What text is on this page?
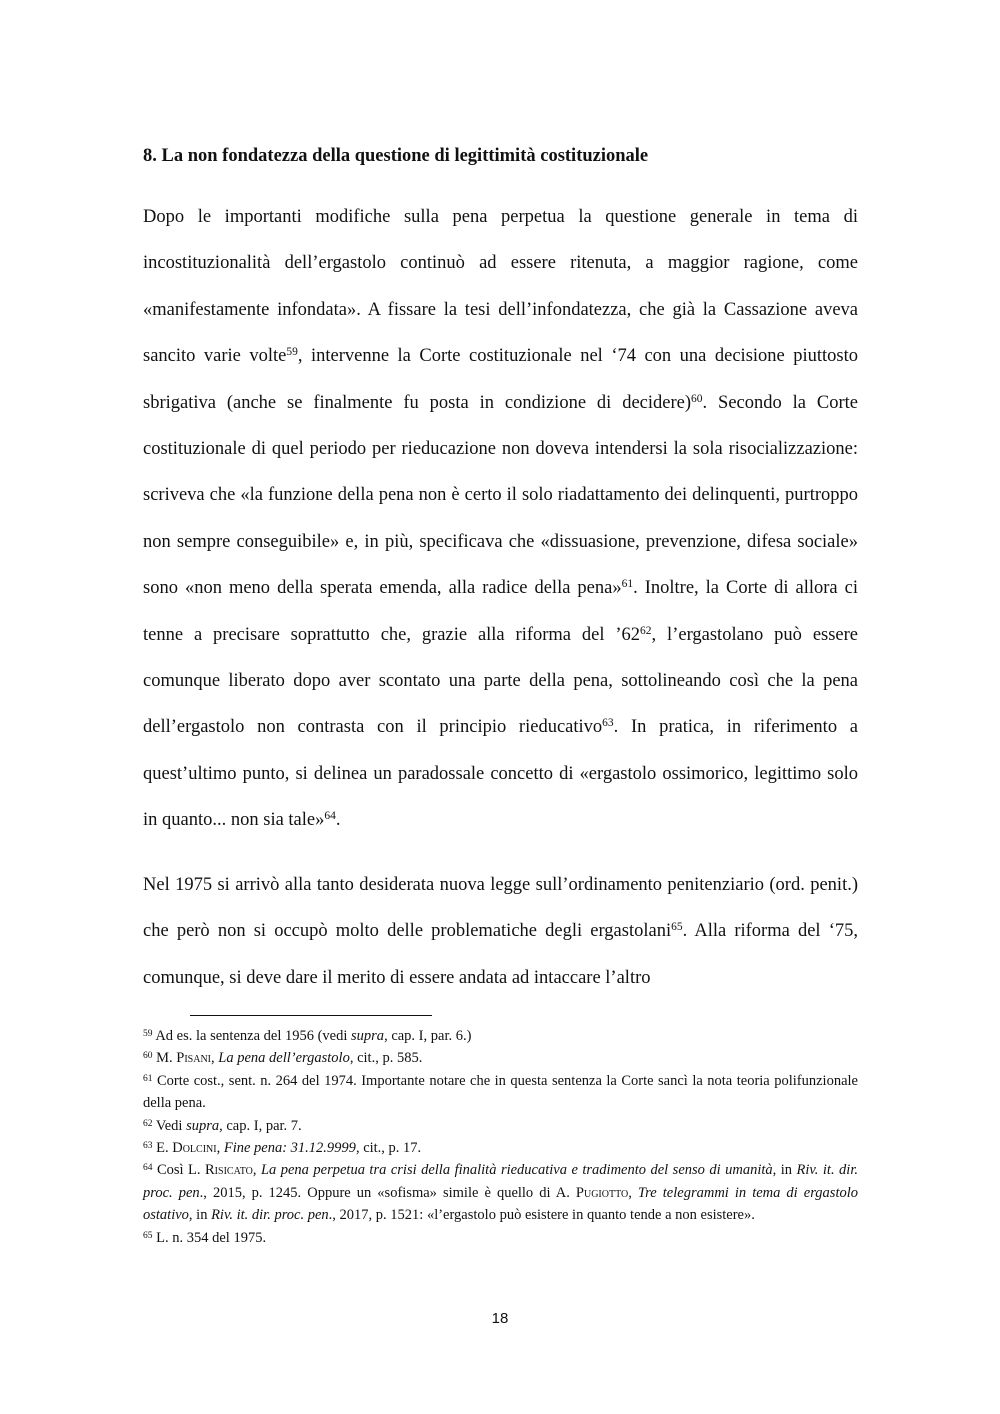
8. La non fondatezza della questione di legittimità costituzionale

Dopo le importanti modifiche sulla pena perpetua la questione generale in tema di incostituzionalità dell’ergastolo continuò ad essere ritenuta, a maggior ragione, come «manifestamente infondata». A fissare la tesi dell’infondatezza, che già la Cassazione aveva sancito varie volte$^{59}$, intervenne la Corte costituzionale nel ‘74 con una decisione piuttosto sbrigativa (anche se finalmente fu posta in condizione di decidere)$^{60}$. Secondo la Corte costituzionale di quel periodo per rieducazione non doveva intendersi la sola risocializzazione: scriveva che «la funzione della pena non è certo il solo riadattamento dei delinquenti, purtroppo non sempre conseguibile» e, in più, specificava che «dissuasione, prevenzione, difesa sociale» sono «non meno della sperata emenda, alla radice della pena»$^{61}$. Inoltre, la Corte di allora ci tenne a precisare soprattutto che, grazie alla riforma del $’62^{62}$, l’ergastolano può essere comunque liberato dopo aver scontato una parte della pena, sottolineando così che la pena dell’ergastolo non contrasta con il principio rieducativo$^{63}$. In pratica, in riferimento a quest’ultimo punto, si delinea un paradossale concetto di «ergastolo ossimorico, legittimo solo in quanto... non sia tale»$^{64}$.

Nel 1975 si arrivò alla tanto desiderata nuova legge sull’ordinamento penitenziario (ord. penit.) che però non si occupò molto delle problematiche degli ergastolani$^{65}$. Alla riforma del ‘75, comunque, si deve dare il merito di essere andata ad intaccare l’altro

$^{59}$ Ad es. la sentenza del 1956 (vedi supra, cap. I, par. 6.)

$^{60}$ M. Pisani, La pena dell’ergastolo, cit., p. 585.

$^{61}$ Corte cost., sent. n. 264 del 1974. Importante notare che in questa sentenza la Corte sancì la nota teoria polifunzionale della pena.

$^{62}$ Vedi supra, cap. I, par. 7.

$^{63}$ E. Dolcini, Fine pena: 31.12.9999, cit., p. 17.

$^{64}$ Così L. Risicato, La pena perpetua tra crisi della finalità rieducativa e tradimento del senso di umanità, in Riv. it. dir. proc. pen., 2015, p. 1245. Oppure un «sofisma» simile è quello di A. Pugiotto, Tre telegrammi in tema di ergastolo ostativo, in Riv. it. dir. proc. pen., 2017, p. 1521: «l’ergastolo può esistere in quanto tende a non esistere».

$^{65}$ L. n. 354 del 1975.

18
